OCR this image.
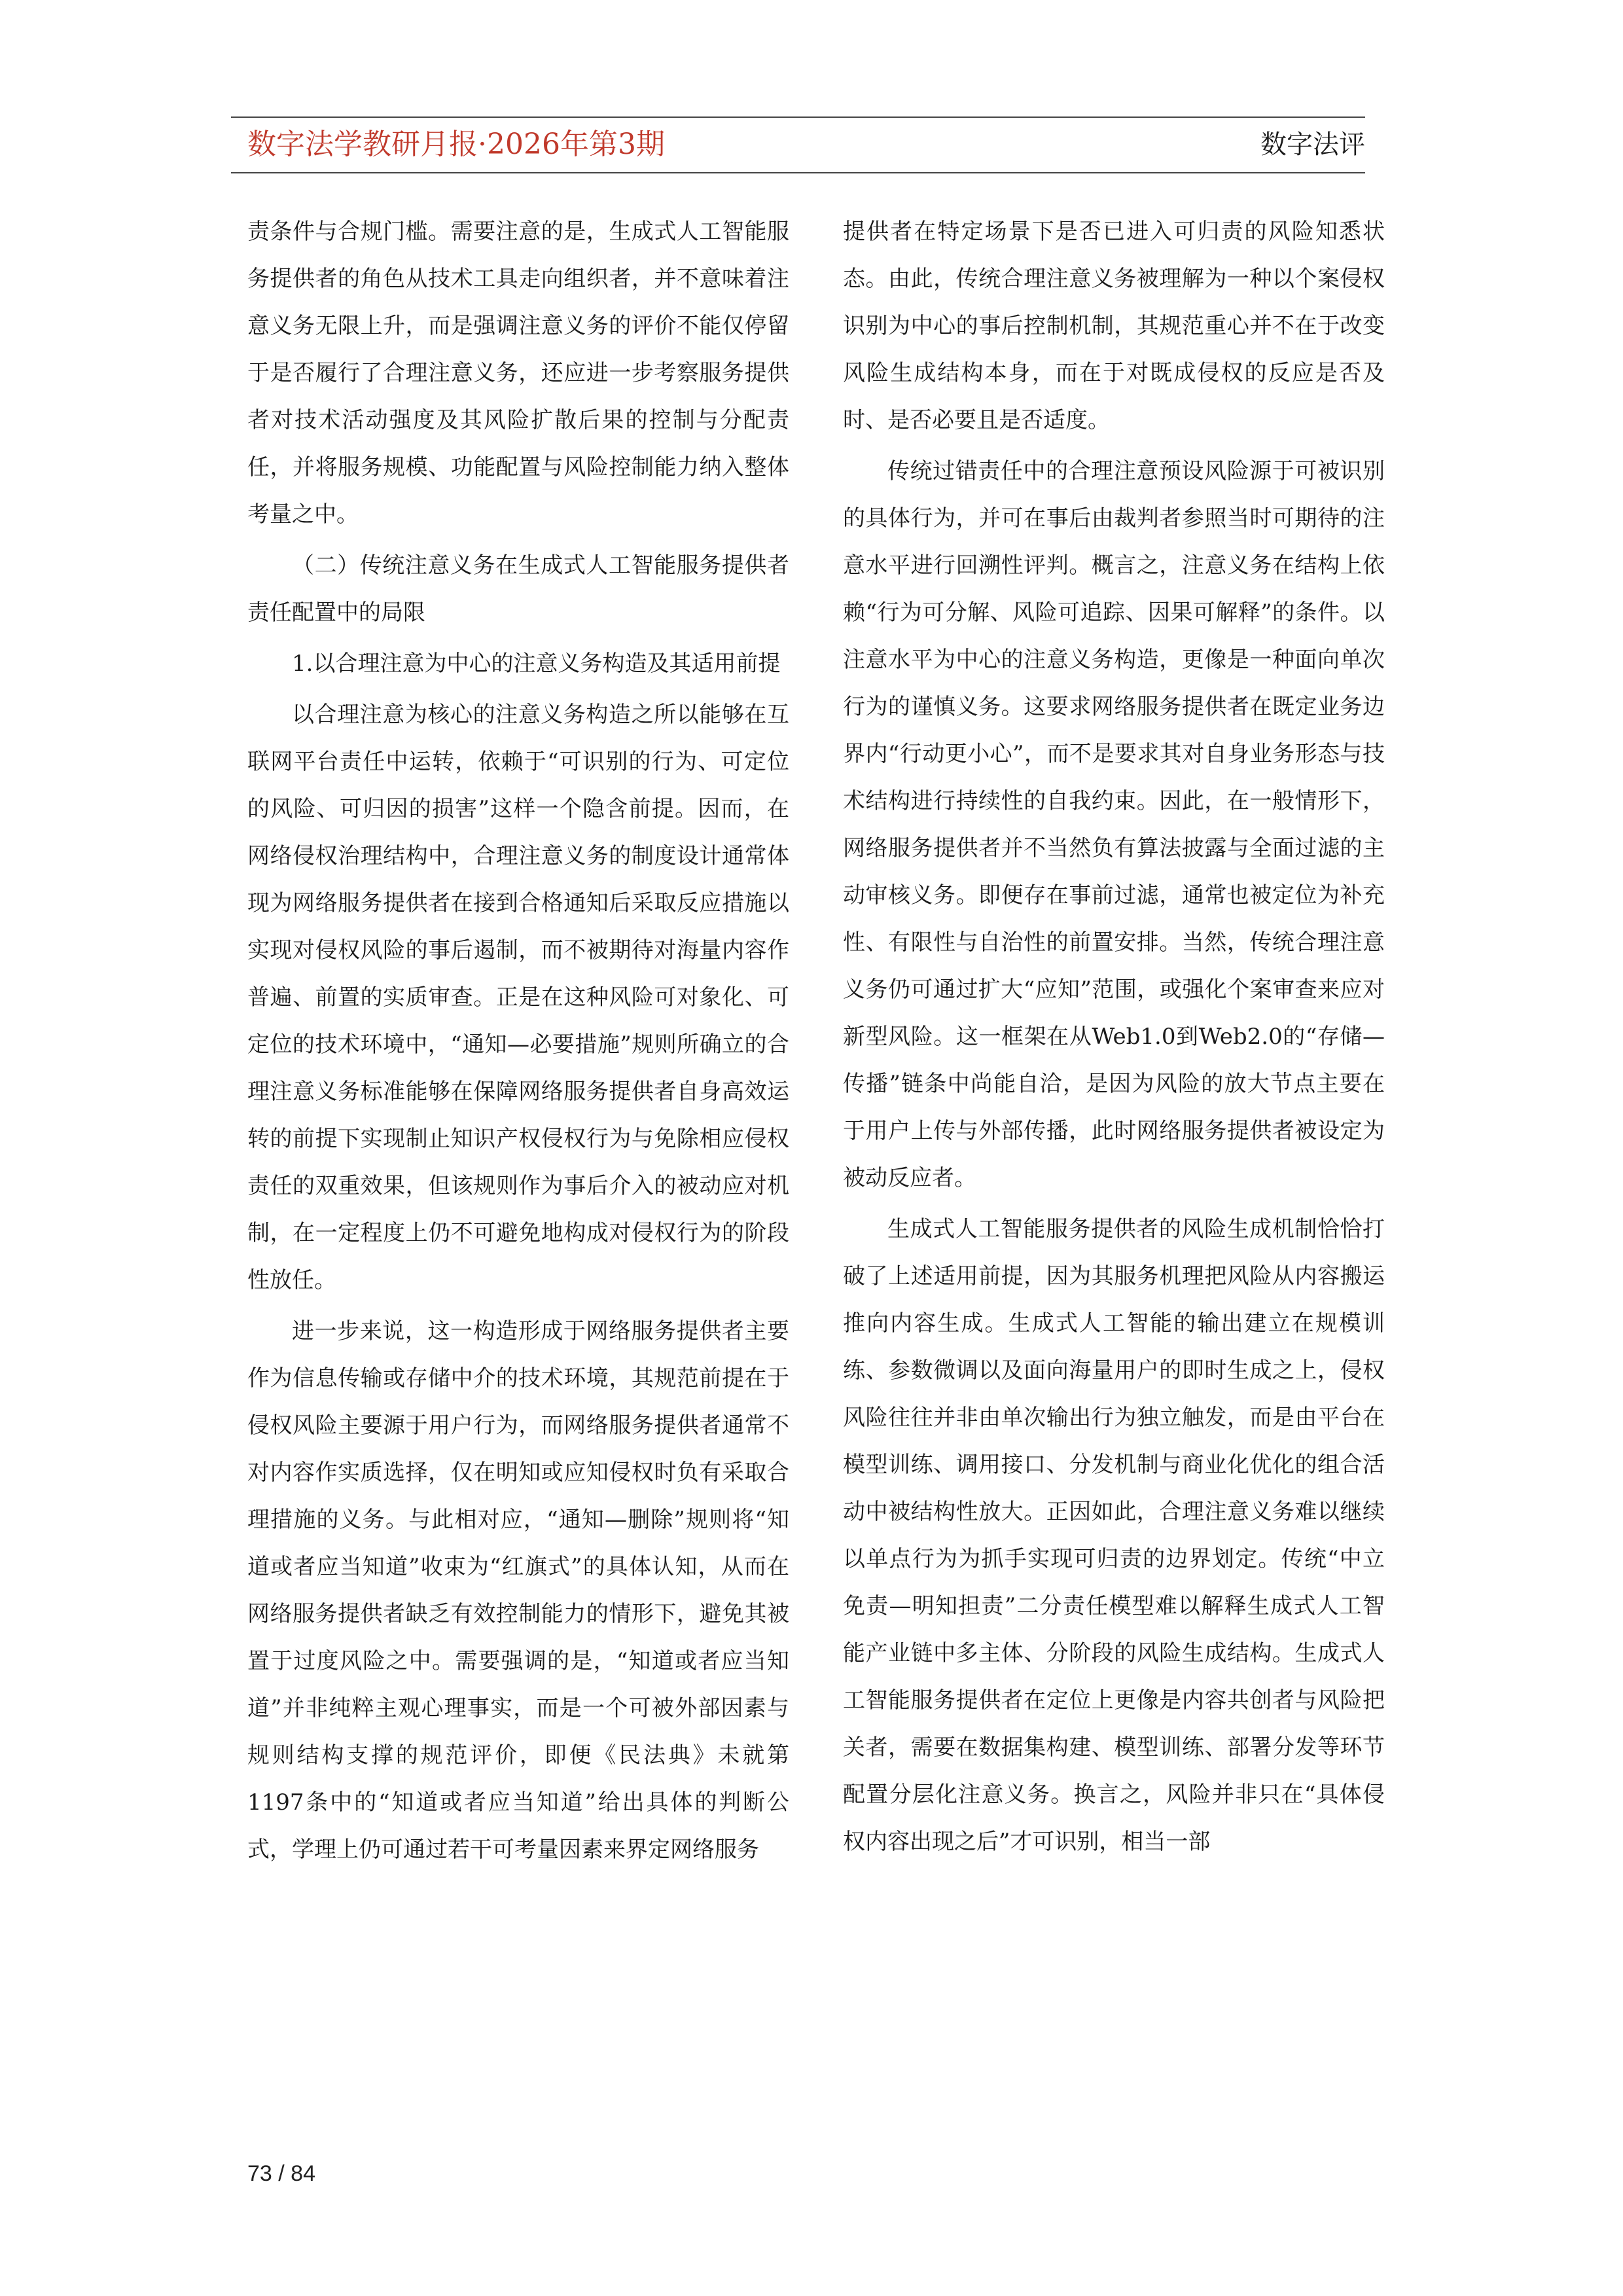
数字法学教研月报·2026年第3期	数字法评

责条件与合规门槛。需要注意的是，生成式人工智能服务提供者的角色从技术工具走向组织者，并不意味着注意义务无限上升，而是强调注意义务的评价不能仅停留于是否履行了合理注意义务，还应进一步考察服务提供者对技术活动强度及其风险扩散后果的控制与分配责任，并将服务规模、功能配置与风险控制能力纳入整体考量之中。

（二）传统注意义务在生成式人工智能服务提供者责任配置中的局限

1.以合理注意为中心的注意义务构造及其适用前提

以合理注意为核心的注意义务构造之所以能够在互联网平台责任中运转，依赖于“可识别的行为、可定位的风险、可归因的损害”这样一个隐含前提。因而，在网络侵权治理结构中，合理注意义务的制度设计通常体现为网络服务提供者在接到合格通知后采取反应措施以实现对侵权风险的事后遏制，而不被期待对海量内容作普遍、前置的实质审查。正是在这种风险可对象化、可定位的技术环境中，“通知—必要措施”规则所确立的合理注意义务标准能够在保障网络服务提供者自身高效运转的前提下实现制止知识产权侵权行为与免除相应侵权责任的双重效果，但该规则作为事后介入的被动应对机制，在一定程度上仍不可避免地构成对侵权行为的阶段性放任。

进一步来说，这一构造形成于网络服务提供者主要作为信息传输或存储中介的技术环境，其规范前提在于侵权风险主要源于用户行为，而网络服务提供者通常不对内容作实质选择，仅在明知或应知侵权时负有采取合理措施的义务。与此相对应，“通知—删除”规则将“知道或者应当知道”收束为“红旗式”的具体认知，从而在网络服务提供者缺乏有效控制能力的情形下，避免其被置于过度风险之中。需要强调的是，“知道或者应当知道”并非纯粹主观心理事实，而是一个可被外部因素与规则结构支撑的规范评价，即便《民法典》未就第1197条中的“知道或者应当知道”给出具体的判断公式，学理上仍可通过若干可考量因素来界定网络服务

提供者在特定场景下是否已进入可归责的风险知悉状态。由此，传统合理注意义务被理解为一种以个案侵权识别为中心的事后控制机制，其规范重心并不在于改变风险生成结构本身，而在于对既成侵权的反应是否及时、是否必要且是否适度。

传统过错责任中的合理注意预设风险源于可被识别的具体行为，并可在事后由裁判者参照当时可期待的注意水平进行回溯性评判。概言之，注意义务在结构上依赖“行为可分解、风险可追踪、因果可解释”的条件。以注意水平为中心的注意义务构造，更像是一种面向单次行为的谨慎义务。这要求网络服务提供者在既定业务边界内“行动更小心”，而不是要求其对自身业务形态与技术结构进行持续性的自我约束。因此，在一般情形下，网络服务提供者并不当然负有算法披露与全面过滤的主动审核义务。即便存在事前过滤，通常也被定位为补充性、有限性与自治性的前置安排。当然，传统合理注意义务仍可通过扩大“应知”范围，或强化个案审查来应对新型风险。这一框架在从Web1.0到Web2.0的“存储—传播”链条中尚能自洽，是因为风险的放大节点主要在于用户上传与外部传播，此时网络服务提供者被设定为被动反应者。

生成式人工智能服务提供者的风险生成机制恰恰打破了上述适用前提，因为其服务机理把风险从内容搬运推向内容生成。生成式人工智能的输出建立在规模训练、参数微调以及面向海量用户的即时生成之上，侵权风险往往并非由单次输出行为独立触发，而是由平台在模型训练、调用接口、分发机制与商业化优化的组合活动中被结构性放大。正因如此，合理注意义务难以继续以单点行为为抓手实现可归责的边界划定。传统“中立免责—明知担责”二分责任模型难以解释生成式人工智能产业链中多主体、分阶段的风险生成结构。生成式人工智能服务提供者在定位上更像是内容共创者与风险把关者，需要在数据集构建、模型训练、部署分发等环节配置分层化注意义务。换言之，风险并非只在“具体侵权内容出现之后”才可识别，相当一部

73 / 84
